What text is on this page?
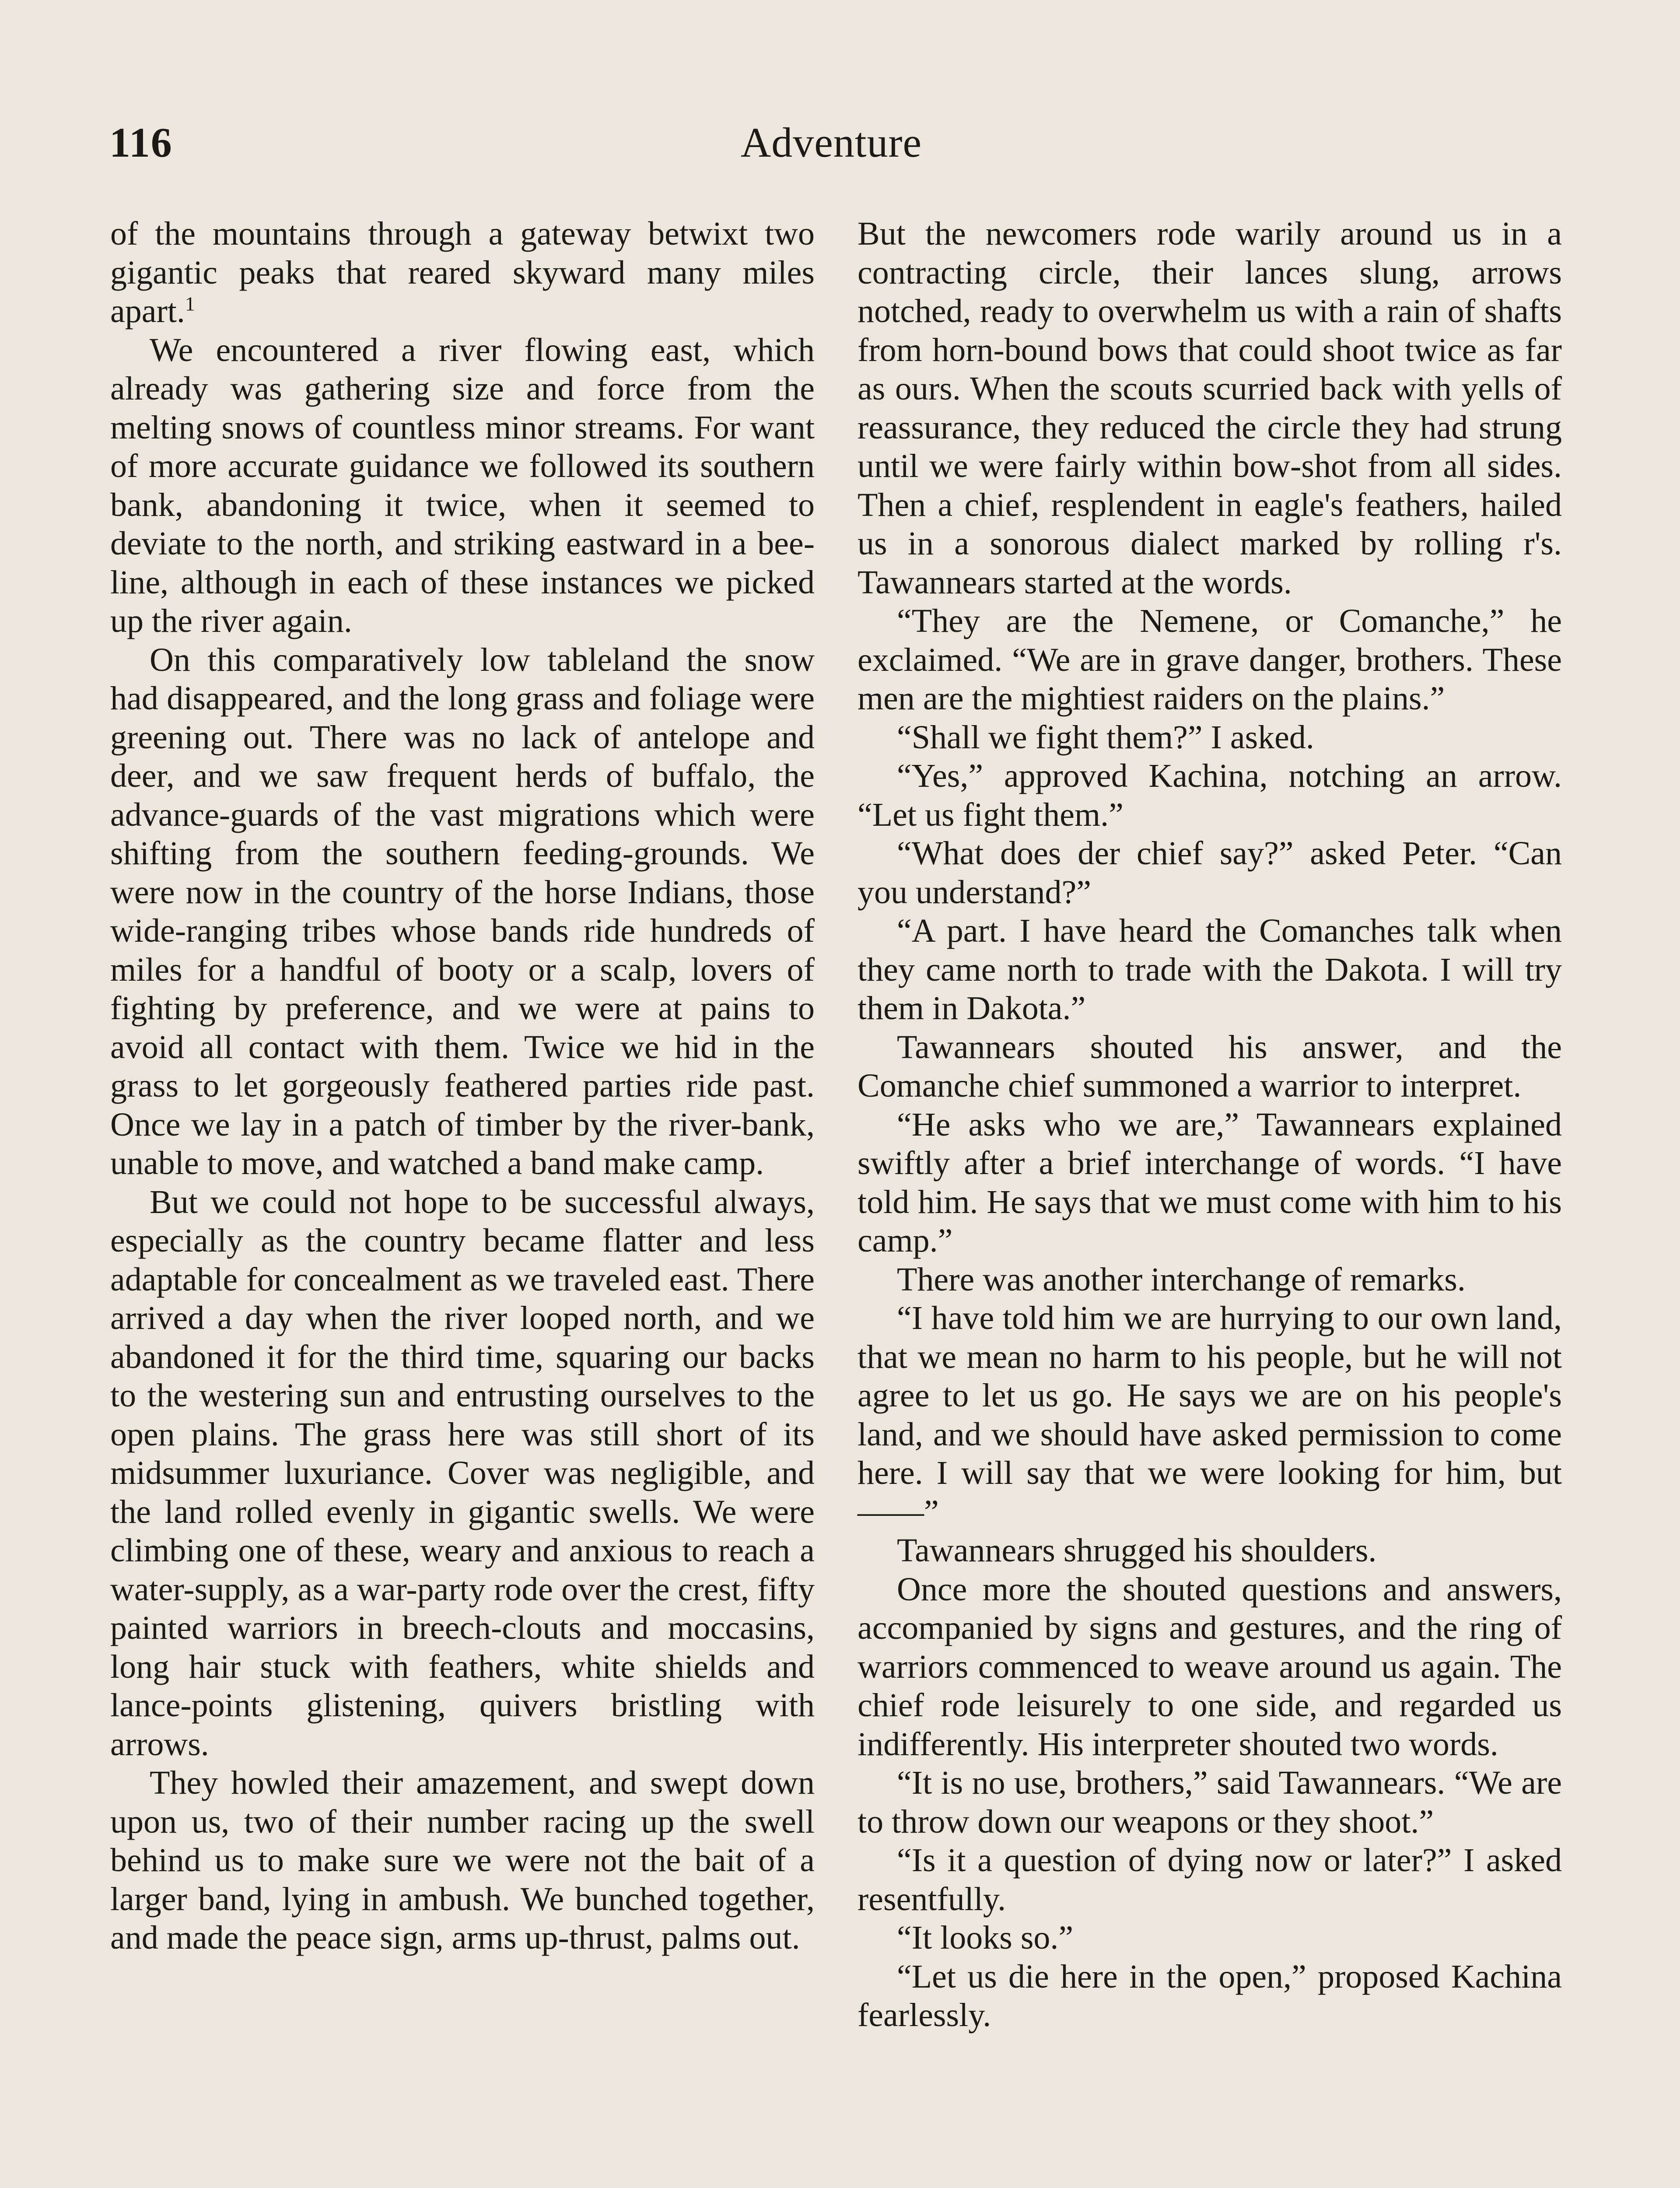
116	Adventure

of the mountains through a gateway betwixt two gigantic peaks that reared skyward many miles apart.$^1$

We encountered a river flowing east, which already was gathering size and force from the melting snows of countless minor streams. For want of more accurate guidance we followed its southern bank, abandoning it twice, when it seemed to deviate to the north, and striking eastward in a bee-line, although in each of these instances we picked up the river again.

On this comparatively low tableland the snow had disappeared, and the long grass and foliage were greening out. There was no lack of antelope and deer, and we saw frequent herds of buffalo, the advance-guards of the vast migrations which were shifting from the southern feeding-grounds. We were now in the country of the horse Indians, those wide-ranging tribes whose bands ride hundreds of miles for a handful of booty or a scalp, lovers of fighting by preference, and we were at pains to avoid all contact with them. Twice we hid in the grass to let gorgeously feathered parties ride past. Once we lay in a patch of timber by the river-bank, unable to move, and watched a band make camp.

But we could not hope to be successful always, especially as the country became flatter and less adaptable for concealment as we traveled east. There arrived a day when the river looped north, and we abandoned it for the third time, squaring our backs to the westering sun and entrusting ourselves to the open plains. The grass here was still short of its midsummer luxuriance. Cover was negligible, and the land rolled evenly in gigantic swells. We were climbing one of these, weary and anxious to reach a water-supply, as a war-party rode over the crest, fifty painted warriors in breech-clouts and moccasins, long hair stuck with feathers, white shields and lance-points glistening, quivers bristling with arrows.

They howled their amazement, and swept down upon us, two of their number racing up the swell behind us to make sure we were not the bait of a larger band, lying in ambush. We bunched together, and made the peace sign, arms up-thrust, palms out.

But the newcomers rode warily around us in a contracting circle, their lances slung, arrows notched, ready to overwhelm us with a rain of shafts from horn-bound bows that could shoot twice as far as ours. When the scouts scurried back with yells of reassurance, they reduced the circle they had strung until we were fairly within bow-shot from all sides. Then a chief, resplendent in eagle's feathers, hailed us in a sonorous dialect marked by rolling r's. Tawannears started at the words.

“They are the Nemene, or Comanche,” he exclaimed. “We are in grave danger, brothers. These men are the mightiest raiders on the plains.”

“Shall we fight them?” I asked.

“Yes,” approved Kachina, notching an arrow. “Let us fight them.”

“What does der chief say?” asked Peter. “Can you understand?”

“A part. I have heard the Comanches talk when they came north to trade with the Dakota. I will try them in Dakota.”

Tawannears shouted his answer, and the Comanche chief summoned a warrior to interpret.

“He asks who we are,” Tawannears explained swiftly after a brief interchange of words. “I have told him. He says that we must come with him to his camp.”

There was another interchange of remarks.

“I have told him we are hurrying to our own land, that we mean no harm to his people, but he will not agree to let us go. He says we are on his people's land, and we should have asked permission to come here. I will say that we were looking for him, but——”

Tawannears shrugged his shoulders.

Once more the shouted questions and answers, accompanied by signs and gestures, and the ring of warriors commenced to weave around us again. The chief rode leisurely to one side, and regarded us indifferently. His interpreter shouted two words.

“It is no use, brothers,” said Tawannears. “We are to throw down our weapons or they shoot.”

“Is it a question of dying now or later?” I asked resentfully.

“It looks so.”

“Let us die here in the open,” proposed Kachina fearlessly.
